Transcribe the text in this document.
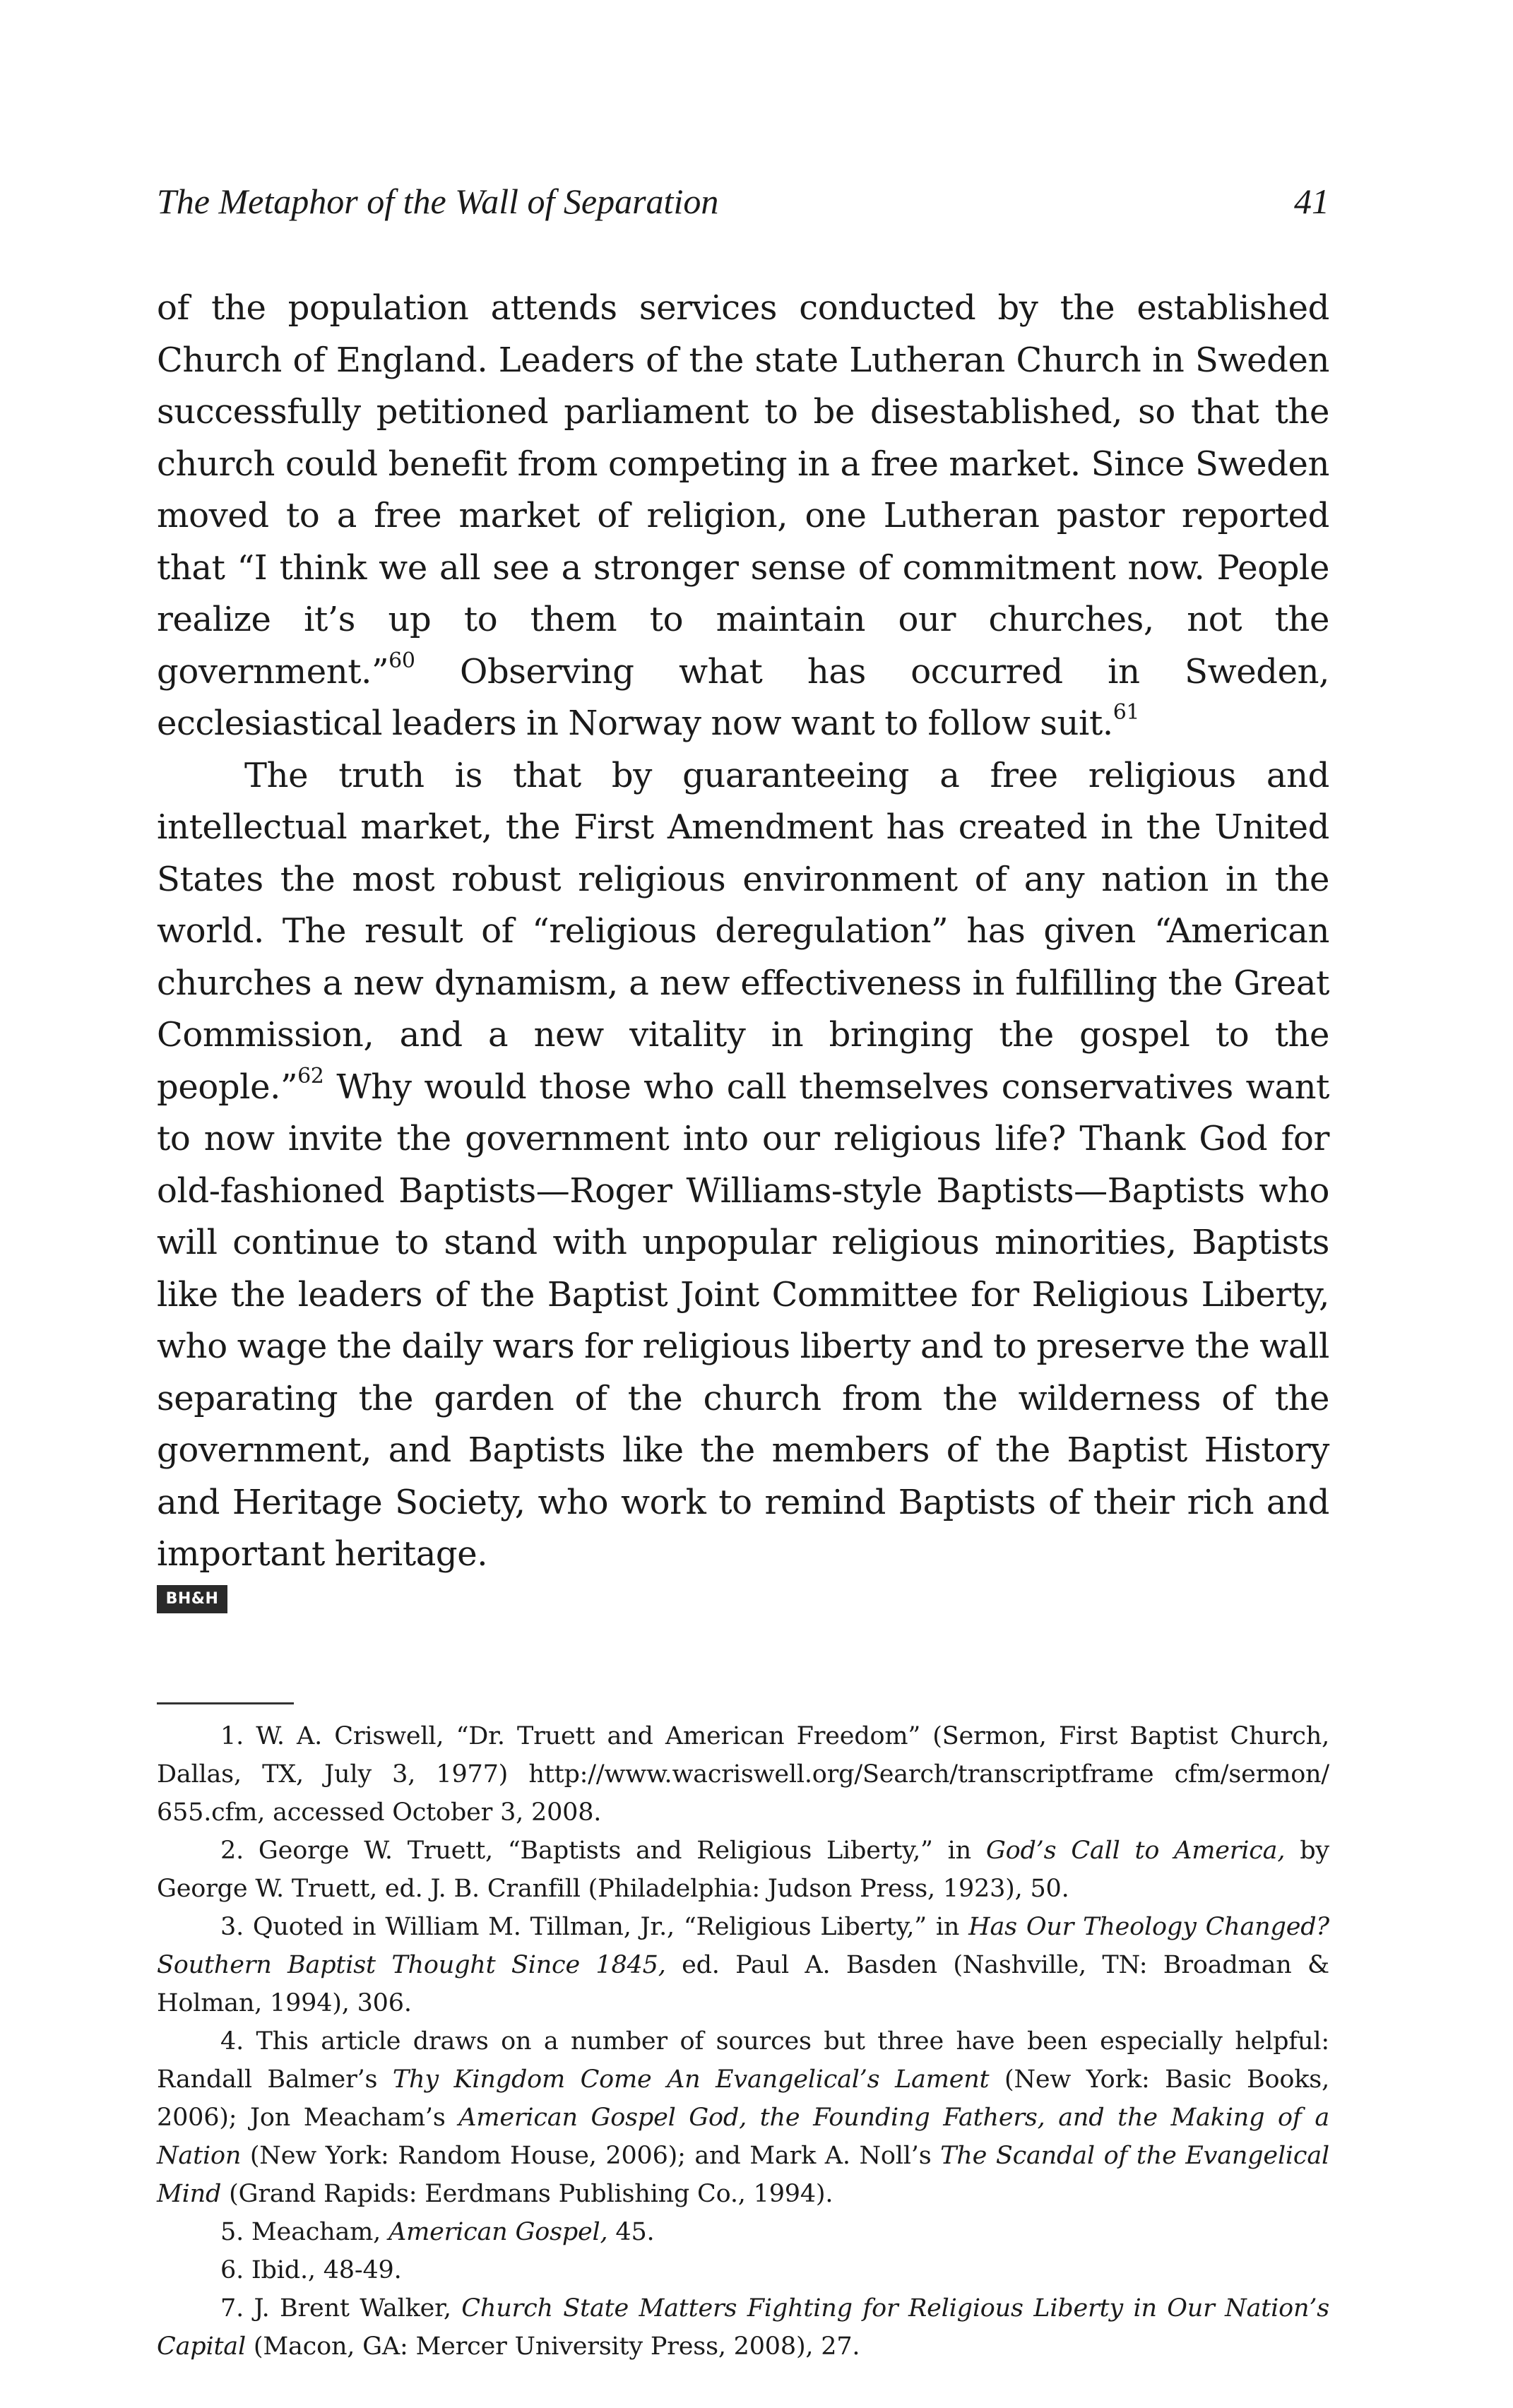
The Metaphor of the Wall of Separation	41

of the population attends services conducted by the established Church of England. Leaders of the state Lutheran Church in Sweden successfully petitioned parliament to be disestablished, so that the church could benefit from competing in a free market. Since Sweden moved to a free market of religion, one Lutheran pastor reported that “I think we all see a stronger sense of commitment now. People realize it’s up to them to maintain our churches, not the government.”$^{60}$ Observing what has occurred in Sweden, ecclesiastical leaders in Norway now want to follow suit.$^{61}$

The truth is that by guaranteeing a free religious and intellectual market, the First Amendment has created in the United States the most robust religious environment of any nation in the world. The result of “religious deregulation” has given “American churches a new dynamism, a new effectiveness in fulfilling the Great Commission, and a new vitality in bringing the gospel to the people.”$^{62}$ Why would those who call themselves conservatives want to now invite the government into our religious life? Thank God for old-fashioned Baptists—Roger Williams-style Baptists—Baptists who will continue to stand with unpopular religious minorities, Baptists like the leaders of the Baptist Joint Committee for Religious Liberty, who wage the daily wars for religious liberty and to preserve the wall separating the garden of the church from the wilderness of the government, and Baptists like the members of the Baptist History and Heritage Society, who work to remind Baptists of their rich and important heritage.

BH&H

1. W. A. Criswell, “Dr. Truett and American Freedom” (Sermon, First Baptist Church, Dallas, TX, July 3, 1977) http://www.wacriswell.org/Search/transcriptframe cfm/sermon/ 655.cfm, accessed October 3, 2008.

2. George W. Truett, “Baptists and Religious Liberty,” in God’s Call to America, by George W. Truett, ed. J. B. Cranfill (Philadelphia: Judson Press, 1923), 50.

3. Quoted in William M. Tillman, Jr., “Religious Liberty,” in Has Our Theology Changed? Southern Baptist Thought Since 1845, ed. Paul A. Basden (Nashville, TN: Broadman & Holman, 1994), 306.

4. This article draws on a number of sources but three have been especially helpful: Randall Balmer’s Thy Kingdom Come An Evangelical’s Lament (New York: Basic Books, 2006); Jon Meacham’s American Gospel God, the Founding Fathers, and the Making of a Nation (New York: Random House, 2006); and Mark A. Noll’s The Scandal of the Evangelical Mind (Grand Rapids: Eerdmans Publishing Co., 1994).

5. Meacham, American Gospel, 45.

6. Ibid., 48-49.

7. J. Brent Walker, Church State Matters Fighting for Religious Liberty in Our Nation’s Capital (Macon, GA: Mercer University Press, 2008), 27.
